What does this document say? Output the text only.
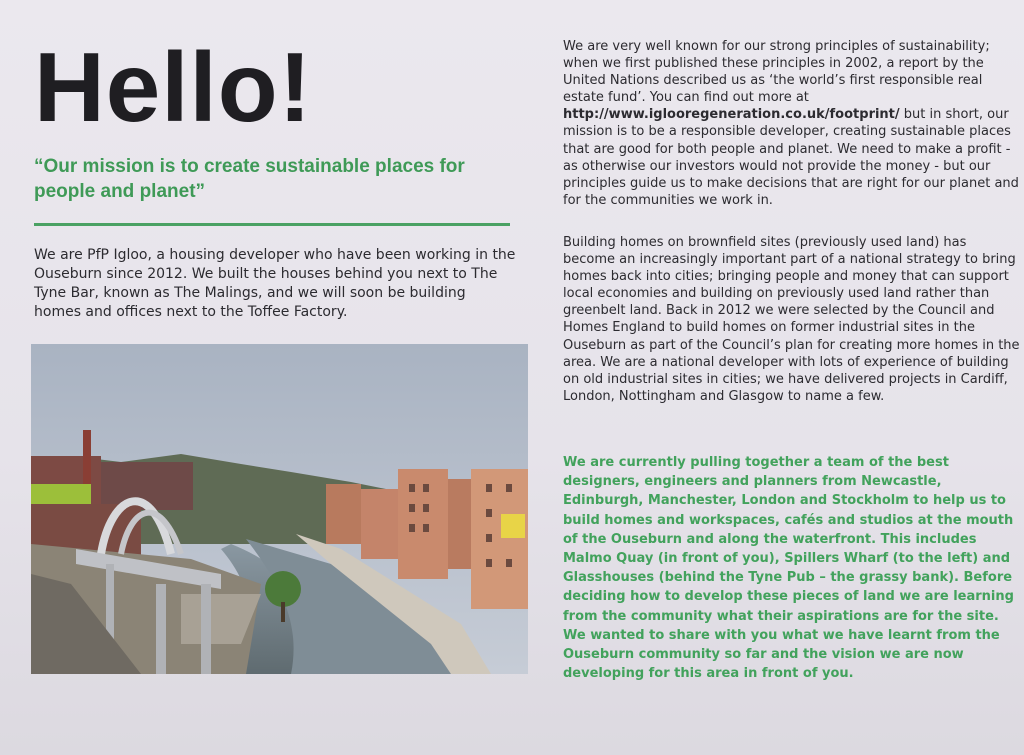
Hello!
“Our mission is to create sustainable places for people and planet”
We are PfP Igloo, a housing developer who have been working in the Ouseburn since 2012. We built the houses behind you next to The Tyne Bar, known as The Malings, and we will soon be building homes and offices next to the Toffee Factory.
We are very well known for our strong principles of sustainability; when we first published these principles in 2002, a report by the United Nations described us as ‘the world’s first responsible real estate fund’. You can find out more at http://www.iglooregeneration.co.uk/footprint/ but in short, our mission is to be a responsible developer, creating sustainable places that are good for both people and planet. We need to make a profit - as otherwise our investors would not provide the money - but our principles guide us to make decisions that are right for our planet and for the communities we work in.
Building homes on brownfield sites (previously used land) has become an increasingly important part of a national strategy to bring homes back into cities; bringing people and money that can support local economies and building on previously used land rather than greenbelt land. Back in 2012 we were selected by the Council and Homes England to build homes on former industrial sites in the Ouseburn as part of the Council’s plan for creating more homes in the area. We are a national developer with lots of experience of building on old industrial sites in cities; we have delivered projects in Cardiff, London, Nottingham and Glasgow to name a few.
We are currently pulling together a team of the best designers, engineers and planners from Newcastle, Edinburgh, Manchester, London and Stockholm to help us to build homes and workspaces, cafés and studios at the mouth of the Ouseburn and along the waterfront. This includes Malmo Quay (in front of you), Spillers Wharf (to the left) and Glasshouses (behind the Tyne Pub – the grassy bank). Before deciding how to develop these pieces of land we are learning from the community what their aspirations are for the site. We wanted to share with you what we have learnt from the Ouseburn community so far and the vision we are now developing for this area in front of you.
